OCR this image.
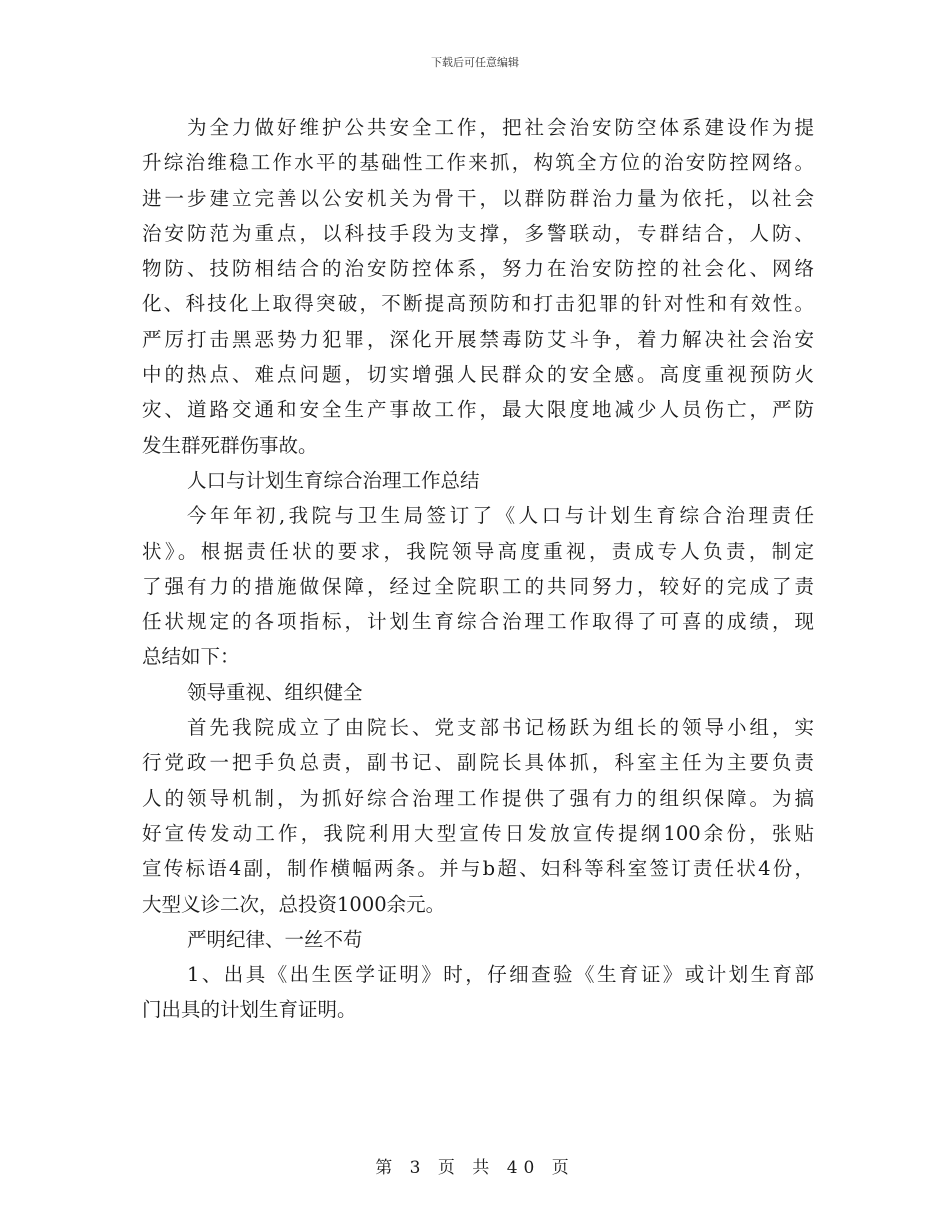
下载后可任意编辑
为全力做好维护公共安全工作，把社会治安防空体系建设作为提
升综治维稳工作水平的基础性工作来抓，构筑全方位的治安防控网络。
进一步建立完善以公安机关为骨干，以群防群治力量为依托，以社会
治安防范为重点，以科技手段为支撑，多警联动，专群结合，人防、
物防、技防相结合的治安防控体系，努力在治安防控的社会化、网络
化、科技化上取得突破，不断提高预防和打击犯罪的针对性和有效性。
严厉打击黑恶势力犯罪，深化开展禁毒防艾斗争，着力解决社会治安
中的热点、难点问题，切实增强人民群众的安全感。高度重视预防火
灾、道路交通和安全生产事故工作，最大限度地减少人员伤亡，严防
发生群死群伤事故。
人口与计划生育综合治理工作总结
今年年初,我院与卫生局签订了《人口与计划生育综合治理责任
状》。根据责任状的要求，我院领导高度重视，责成专人负责，制定
了强有力的措施做保障，经过全院职工的共同努力，较好的完成了责
任状规定的各项指标，计划生育综合治理工作取得了可喜的成绩，现
总结如下：
领导重视、组织健全
首先我院成立了由院长、党支部书记杨跃为组长的领导小组，实
行党政一把手负总责，副书记、副院长具体抓，科室主任为主要负责
人的领导机制，为抓好综合治理工作提供了强有力的组织保障。为搞
好宣传发动工作，我院利用大型宣传日发放宣传提纲100余份，张贴
宣传标语4副，制作横幅两条。并与b超、妇科等科室签订责任状4份，
大型义诊二次，总投资1000余元。
严明纪律、一丝不苟
1、出具《出生医学证明》时，仔细查验《生育证》或计划生育部
门出具的计划生育证明。
第 3 页 共 40 页
